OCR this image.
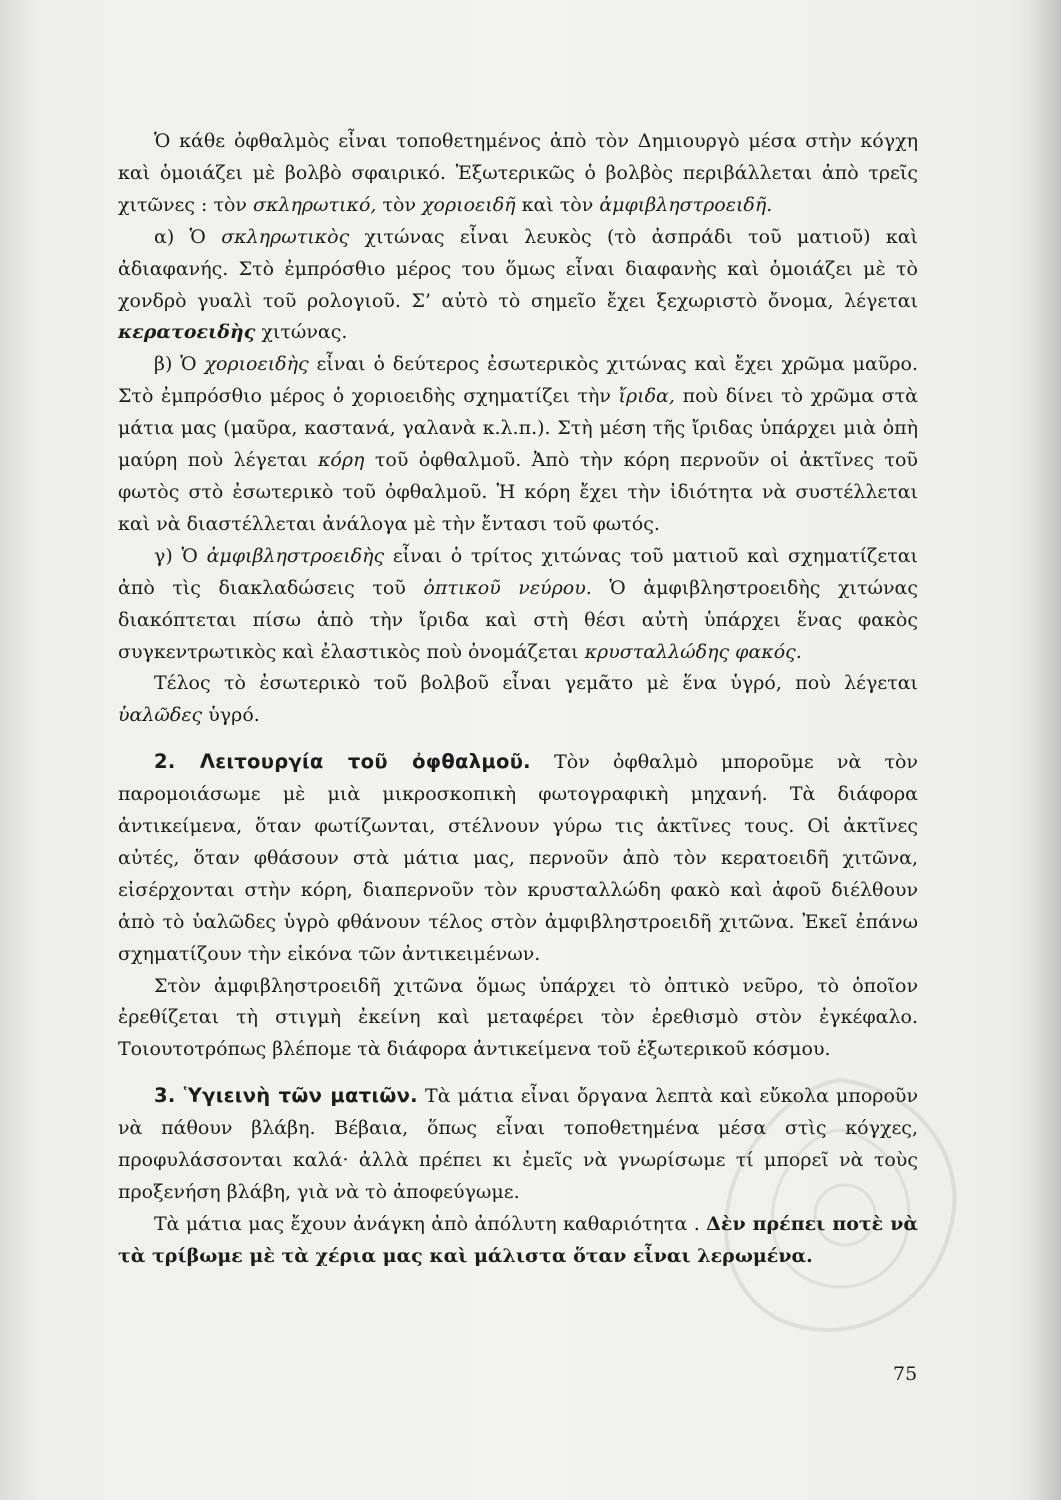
Ὁ κάθε ὀφθαλμὸς εἶναι τοποθετημένος ἀπὸ τὸν Δημιουργὸ μέσα στὴν κόγχη καὶ ὁμοιάζει μὲ βολβὸ σφαιρικό. Ἐξωτερικῶς ὁ βολβὸς περιβάλλεται ἀπὸ τρεῖς χιτῶνες : τὸν σκληρωτικό, τὸν χοριοειδῆ καὶ τὸν ἀμφιβληστροειδῆ.

α) Ὁ σκληρωτικὸς χιτώνας εἶναι λευκὸς (τὸ ἀσπράδι τοῦ ματιοῦ) καὶ ἀδιαφανής. Στὸ ἐμπρόσθιο μέρος του ὅμως εἶναι διαφανὴς καὶ ὁμοιάζει μὲ τὸ χονδρὸ γυαλὶ τοῦ ρολογιοῦ. Σ’ αὐτὸ τὸ σημεῖο ἔχει ξεχωριστὸ ὄνομα, λέγεται κερατοειδὴς χιτώνας.

β) Ὁ χοριοειδὴς εἶναι ὁ δεύτερος ἐσωτερικὸς χιτώνας καὶ ἔχει χρῶμα μαῦρο. Στὸ ἐμπρόσθιο μέρος ὁ χοριοειδὴς σχηματίζει τὴν ἴριδα, ποὺ δίνει τὸ χρῶμα στὰ μάτια μας (μαῦρα, καστανά, γαλανὰ κ.λ.π.). Στὴ μέση τῆς ἴριδας ὑπάρχει μιὰ ὀπὴ μαύρη ποὺ λέγεται κόρη τοῦ ὀφθαλμοῦ. Ἀπὸ τὴν κόρη περνοῦν οἱ ἀκτῖνες τοῦ φωτὸς στὸ ἐσωτερικὸ τοῦ ὀφθαλμοῦ. Ἡ κόρη ἔχει τὴν ἰδιότητα νὰ συστέλλεται καὶ νὰ διαστέλλεται ἀνάλογα μὲ τὴν ἔντασι τοῦ φωτός.

γ) Ὁ ἀμφιβληστροειδὴς εἶναι ὁ τρίτος χιτώνας τοῦ ματιοῦ καὶ σχηματίζεται ἀπὸ τὶς διακλαδώσεις τοῦ ὀπτικοῦ νεύρου. Ὁ ἀμφιβληστροειδὴς χιτώνας διακόπτεται πίσω ἀπὸ τὴν ἴριδα καὶ στὴ θέσι αὐτὴ ὑπάρχει ἕνας φακὸς συγκεντρωτικὸς καὶ ἐλαστικὸς ποὺ ὀνομάζεται κρυσταλλώδης φακός.

Τέλος τὸ ἐσωτερικὸ τοῦ βολβοῦ εἶναι γεμᾶτο μὲ ἕνα ὑγρό, ποὺ λέγεται ὑαλῶδες ὑγρό.

2. Λειτουργία τοῦ ὀφθαλμοῦ. Τὸν ὀφθαλμὸ μποροῦμε νὰ τὸν παρομοιάσωμε μὲ μιὰ μικροσκοπικὴ φωτογραφικὴ μηχανή. Τὰ διάφορα ἀντικείμενα, ὅταν φωτίζωνται, στέλνουν γύρω τις ἀκτῖνες τους. Οἱ ἀκτῖνες αὐτές, ὅταν φθάσουν στὰ μάτια μας, περνοῦν ἀπὸ τὸν κερατοειδῆ χιτῶνα, εἰσέρχονται στὴν κόρη, διαπερνοῦν τὸν κρυσταλλώδη φακὸ καὶ ἀφοῦ διέλθουν ἀπὸ τὸ ὑαλῶδες ὑγρὸ φθάνουν τέλος στὸν ἀμφιβληστροειδῆ χιτῶνα. Ἐκεῖ ἐπάνω σχηματίζουν τὴν εἰκόνα τῶν ἀντικειμένων.

Στὸν ἀμφιβληστροειδῆ χιτῶνα ὅμως ὑπάρχει τὸ ὀπτικὸ νεῦρο, τὸ ὁποῖον ἐρεθίζεται τὴ στιγμὴ ἐκείνη καὶ μεταφέρει τὸν ἐρεθισμὸ στὸν ἐγκέφαλο. Τοιουτοτρόπως βλέπομε τὰ διάφορα ἀντικείμενα τοῦ ἐξωτερικοῦ κόσμου.

3. Ὑγιεινὴ τῶν ματιῶν. Τὰ μάτια εἶναι ὄργανα λεπτὰ καὶ εὔκολα μποροῦν νὰ πάθουν βλάβη. Βέβαια, ὅπως εἶναι τοποθετημένα μέσα στὶς κόγχες, προφυλάσσονται καλά· ἀλλὰ πρέπει κι ἐμεῖς νὰ γνωρίσωμε τί μπορεῖ νὰ τοὺς προξενήση βλάβη, γιὰ νὰ τὸ ἀποφεύγωμε.

Τὰ μάτια μας ἔχουν ἀνάγκη ἀπὸ ἀπόλυτη καθαριότητα . Δὲν πρέπει ποτὲ νὰ τὰ τρίβωμε μὲ τὰ χέρια μας καὶ μάλιστα ὅταν εἶναι λερωμένα.

75
